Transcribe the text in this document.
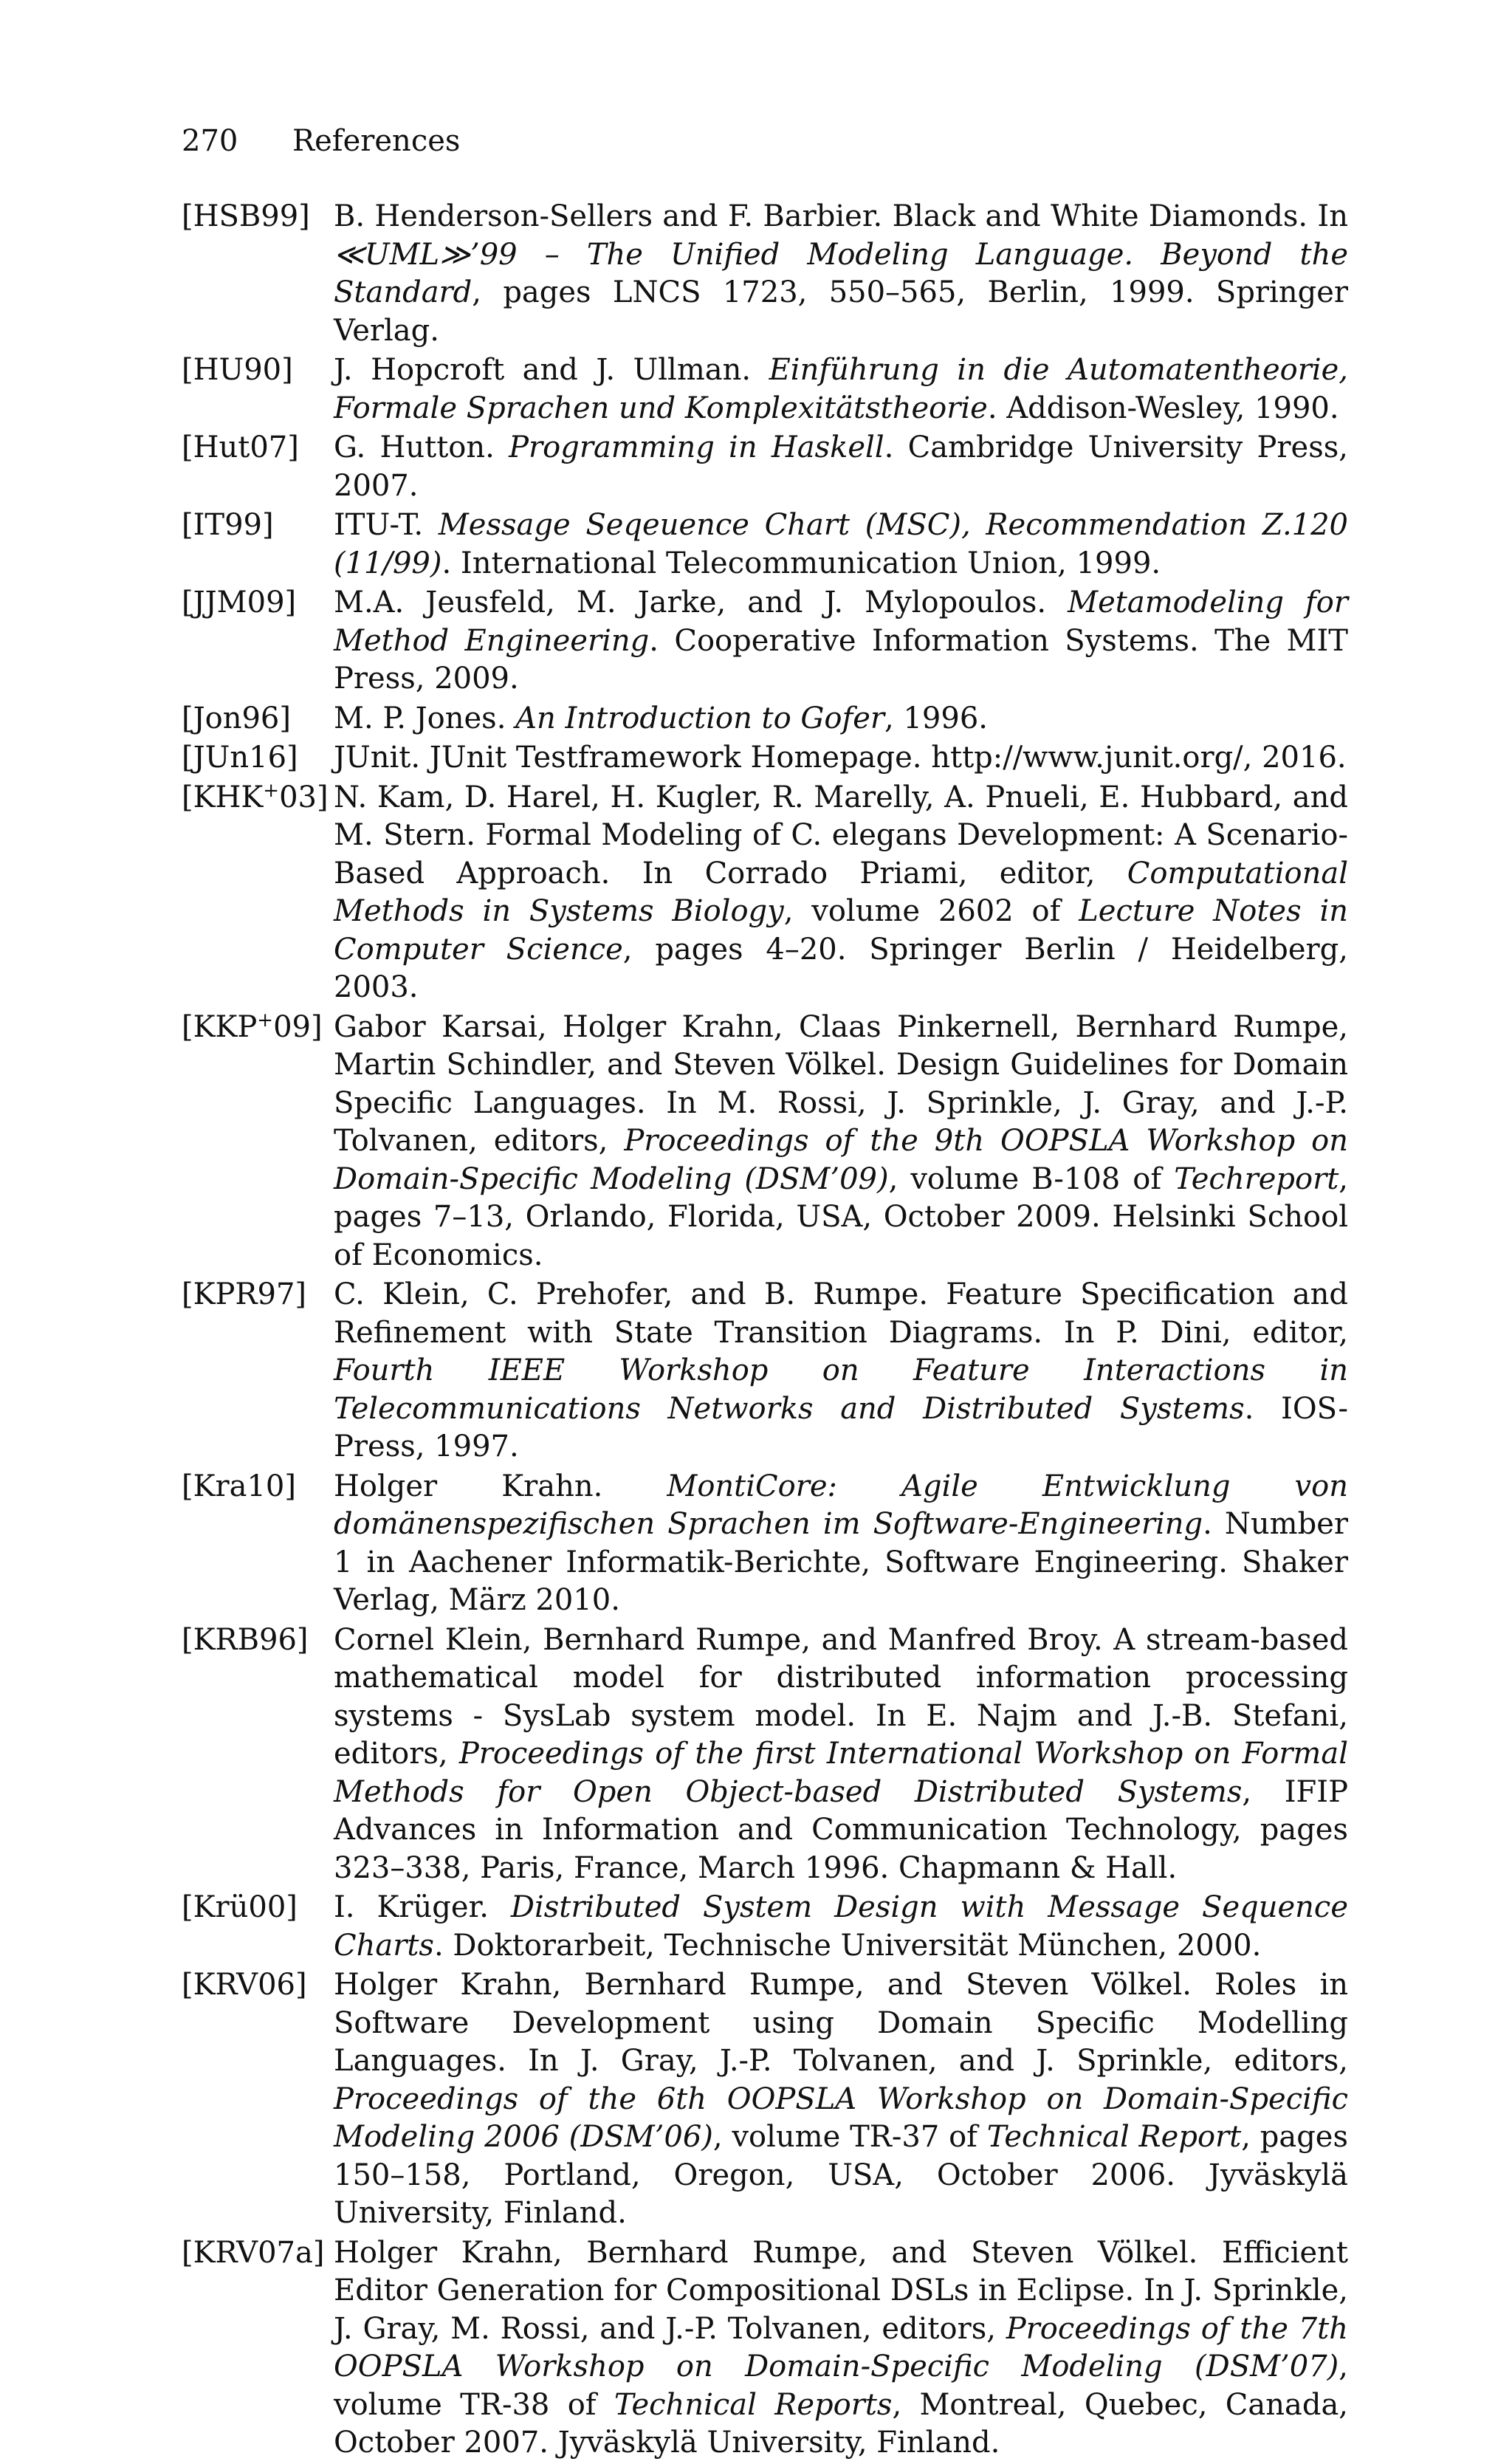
270 References
[HSB99] B. Henderson-Sellers and F. Barbier. Black and White Diamonds. In ≪UML≫’99 – The Unified Modeling Language. Beyond the Standard, pages LNCS 1723, 550–565, Berlin, 1999. Springer Verlag.
[HU90] J. Hopcroft and J. Ullman. Einführung in die Automatentheorie, Formale Sprachen und Komplexitätstheorie. Addison-Wesley, 1990.
[Hut07] G. Hutton. Programming in Haskell. Cambridge University Press, 2007.
[IT99] ITU-T. Message Seqeuence Chart (MSC), Recommendation Z.120 (11/99). International Telecommunication Union, 1999.
[JJM09] M.A. Jeusfeld, M. Jarke, and J. Mylopoulos. Metamodeling for Method Engineering. Cooperative Information Systems. The MIT Press, 2009.
[Jon96] M. P. Jones. An Introduction to Gofer, 1996.
[JUn16] JUnit. JUnit Testframework Homepage. http://www.junit.org/, 2016.
[KHK+03] N. Kam, D. Harel, H. Kugler, R. Marelly, A. Pnueli, E. Hubbard, and M. Stern. Formal Modeling of C. elegans Development: A Scenario-Based Approach. In Corrado Priami, editor, Computational Methods in Systems Biology, volume 2602 of Lecture Notes in Computer Science, pages 4–20. Springer Berlin / Heidelberg, 2003.
[KKP+09] Gabor Karsai, Holger Krahn, Claas Pinkernell, Bernhard Rumpe, Martin Schindler, and Steven Völkel. Design Guidelines for Domain Specific Languages. In M. Rossi, J. Sprinkle, J. Gray, and J.-P. Tolvanen, editors, Proceedings of the 9th OOPSLA Workshop on Domain-Specific Modeling (DSM’09), volume B-108 of Techreport, pages 7–13, Orlando, Florida, USA, October 2009. Helsinki School of Economics.
[KPR97] C. Klein, C. Prehofer, and B. Rumpe. Feature Specification and Refinement with State Transition Diagrams. In P. Dini, editor, Fourth IEEE Workshop on Feature Interactions in Telecommunications Networks and Distributed Systems. IOS-Press, 1997.
[Kra10] Holger Krahn. MontiCore: Agile Entwicklung von domänenspezifischen Sprachen im Software-Engineering. Number 1 in Aachener Informatik-Berichte, Software Engineering. Shaker Verlag, März 2010.
[KRB96] Cornel Klein, Bernhard Rumpe, and Manfred Broy. A stream-based mathematical model for distributed information processing systems - SysLab system model. In E. Najm and J.-B. Stefani, editors, Proceedings of the first International Workshop on Formal Methods for Open Object-based Distributed Systems, IFIP Advances in Information and Communication Technology, pages 323–338, Paris, France, March 1996. Chapmann & Hall.
[Krü00] I. Krüger. Distributed System Design with Message Sequence Charts. Doktorarbeit, Technische Universität München, 2000.
[KRV06] Holger Krahn, Bernhard Rumpe, and Steven Völkel. Roles in Software Development using Domain Specific Modelling Languages. In J. Gray, J.-P. Tolvanen, and J. Sprinkle, editors, Proceedings of the 6th OOPSLA Workshop on Domain-Specific Modeling 2006 (DSM’06), volume TR-37 of Technical Report, pages 150–158, Portland, Oregon, USA, October 2006. Jyväskylä University, Finland.
[KRV07a] Holger Krahn, Bernhard Rumpe, and Steven Völkel. Efficient Editor Generation for Compositional DSLs in Eclipse. In J. Sprinkle, J. Gray, M. Rossi, and J.-P. Tolvanen, editors, Proceedings of the 7th OOPSLA Workshop on Domain-Specific Modeling (DSM’07), volume TR-38 of Technical Reports, Montreal, Quebec, Canada, October 2007. Jyväskylä University, Finland.
